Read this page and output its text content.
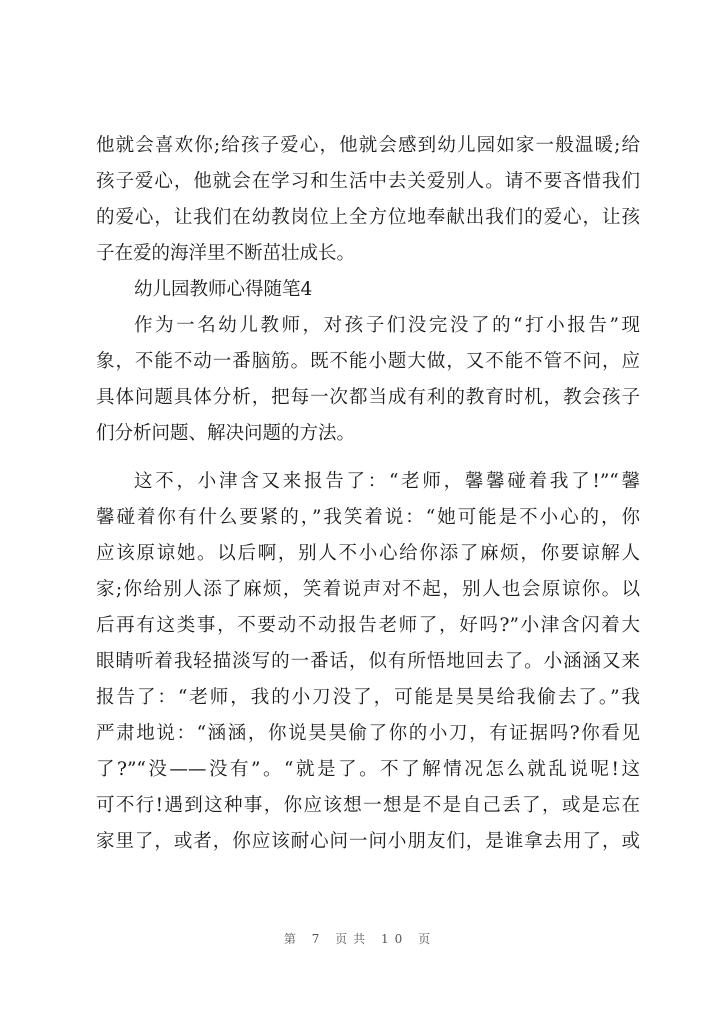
他就会喜欢你;给孩子爱心，他就会感到幼儿园如家一般温暖;给
孩子爱心，他就会在学习和生活中去关爱别人。请不要吝惜我们
的爱心，让我们在幼教岗位上全方位地奉献出我们的爱心，让孩
子在爱的海洋里不断茁壮成长。
幼儿园教师心得随笔4
作为一名幼儿教师，对孩子们没完没了的“打小报告”现
象，不能不动一番脑筋。既不能小题大做，又不能不管不问，应
具体问题具体分析，把每一次都当成有利的教育时机，教会孩子
们分析问题、解决问题的方法。
这不，小津含又来报告了：“老师，馨馨碰着我了!”“馨
馨碰着你有什么要紧的，”我笑着说：“她可能是不小心的，你
应该原谅她。以后啊，别人不小心给你添了麻烦，你要谅解人
家;你给别人添了麻烦，笑着说声对不起，别人也会原谅你。以
后再有这类事，不要动不动报告老师了，好吗?”小津含闪着大
眼睛听着我轻描淡写的一番话，似有所悟地回去了。小涵涵又来
报告了：“老师，我的小刀没了，可能是昊昊给我偷去了。”我
严肃地说：“涵涵，你说昊昊偷了你的小刀，有证据吗?你看见
了?”“没——没有”。“就是了。不了解情况怎么就乱说呢!这
可不行!遇到这种事，你应该想一想是不是自己丢了，或是忘在
家里了，或者，你应该耐心问一问小朋友们，是谁拿去用了，或
第 7 页共 10 页
